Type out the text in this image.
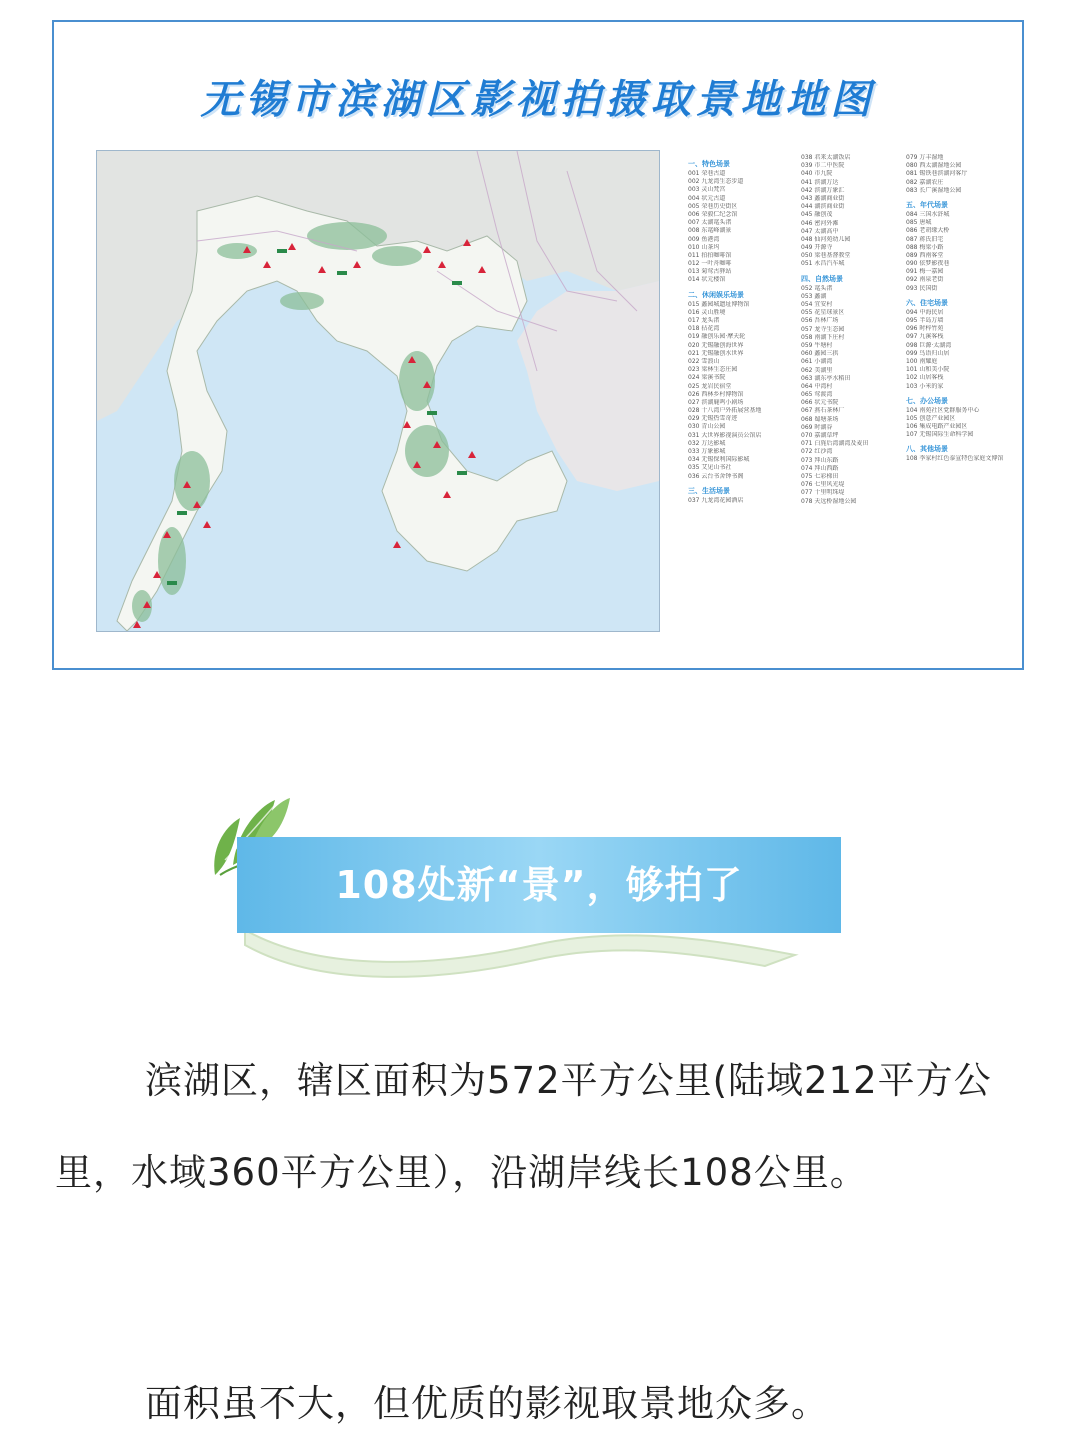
无锡市滨湖区影视拍摄取景地地图
一、特色场景
001 荣巷古道
002 九龙湾生态步道
003 灵山梵宫
004 状元古道
005 荣巷历史街区
006 荣毅仁纪念馆
007 太湖鼋头渚
008 东鼋峰湖景
009 鱼港湾
010 山茶坞
011 拍拍咖啡馆
012 一叶舟咖啡
013 菊莺古驿站
014 状元楼馆
二、休闲娱乐场景
015 蠡园城遗址博物馆
016 灵山胜境
017 龙头渚
018 拈花湾
019 融创乐园·摩天轮
020 无锡融创海世界
021 无锡融创水世界
022 雪浪山
023 梁林生态庄园
024 梁溪书院
025 龙岩民宿堂
026 西林乡村博物馆
027 滨湖鹿鸣小剧场
028 十八湾户外拓展营基地
029 无锡热雪奇迹
030 青山公园
031 大世界影视演员公馆店
032 万达影城
033 万象影城
034 无锡保利国际影城
035 艾见山书社
036 云台书舍钟书阁
三、生活场景
037 九龙湾花园酒店
038 君来太湖饭店
039 市二中医院
040 市九院
041 滨湖万达
042 滨湖万象汇
043 蠡湖商业街
044 湖滨商业街
045 融创茂
046 密河外滩
047 太湖高中
048 仙河苑幼儿园
049 开源寺
050 梁巷基督教堂
051 永昌汽车城
四、自然场景
052 鼋头渚
053 蠡湖
054 宜安村
055 花星球景区
056 吾林广场
057 龙寺生态园
058 南湖下庄村
059 牛塘村
060 蠡园三拱
061 小湖湾
062 美湖里
063 湖东亭水稻田
064 中湾村
065 莺渡湾
066 状元书院
067 燕石茶林厂
068 蜀塘茶场
069 时湖谷
070 嘉湖草坪
071 白旄后湾湖湾及麦田
072 红沙湾
073 拜山东路
074 拜山西路
075 七彩梯田
076 七里风光堤
077 十里明珠堤
078 天远桥湿地公园
079 万丰湿地
080 西太湖湿地公园
081 锡铁巷滨湖河客厅
082 嘉湖农庄
083 长广溪湿地公园
五、年代场景
084 三国水浒城
085 唐城
086 老胡缘大桥
087 蒋氏旧宅
088 梅梁小路
089 西南客堂
090 依梦影夜巷
091 梅一嘉园
092 南泉老街
093 民国街
六、住宅场景
094 中海民居
095 半岛万墙
096 时梓竹苑
097 九溪客栈
098 巨源·太湖湾
099 鸟语归山居
100 南耀庭
101 山和美小院
102 山居客栈
103 小米的家
七、办公场景
104 南苑社区党群服务中心
105 创意产业园区
106 集成电路产业园区
107 无锡国际生命科学园
八、其他场景
108 李家村红色泰宣特色家庭文博馆
108处新“景”，够拍了

滨湖区，辖区面积为572平方公里(陆域212平方公里，水域360平方公里），沿湖岸线长108公里。

面积虽不大，但优质的影视取景地众多。
